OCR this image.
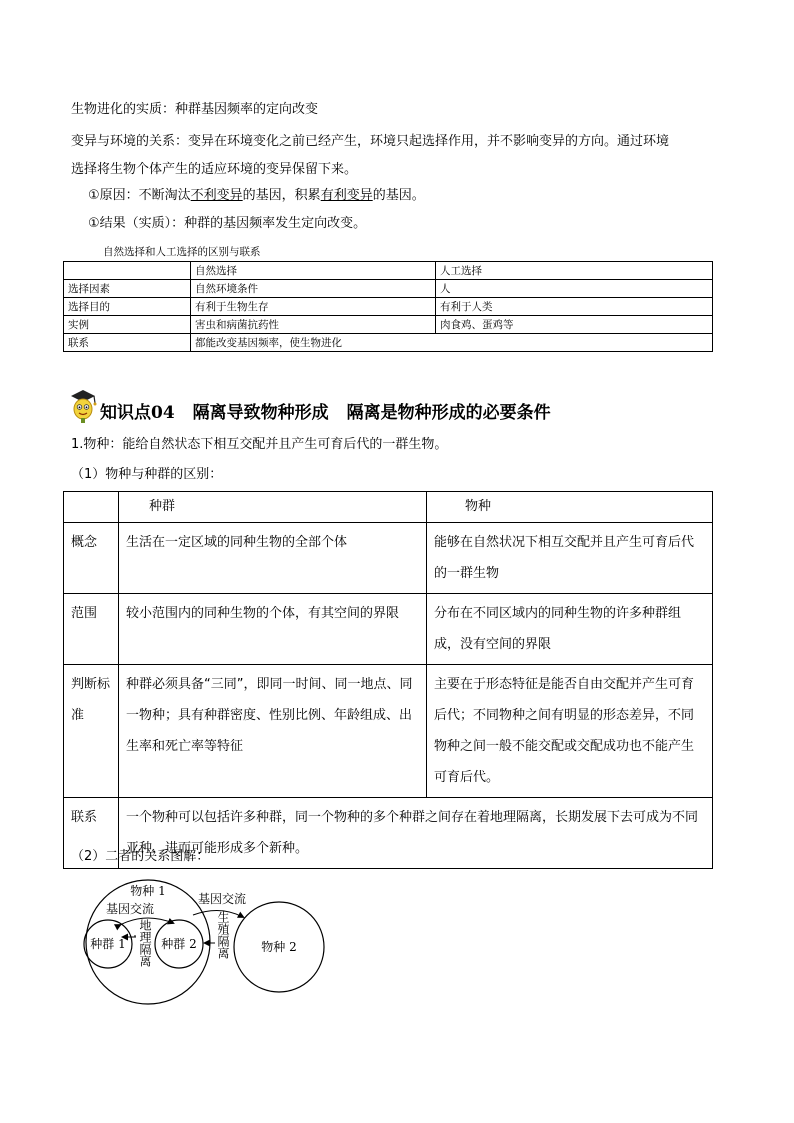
生物进化的实质：种群基因频率的定向改变
变异与环境的关系：变异在环境变化之前已经产生，环境只起选择作用，并不影响变异的方向。通过环境
选择将生物个体产生的适应环境的变异保留下来。
①原因：不断淘汰不利变异的基因，积累有利变异的基因。
①结果（实质）：种群的基因频率发生定向改变。
自然选择和人工选择的区别与联系
	自然选择	人工选择
选择因素	自然环境条件	人
选择目的	有利于生物生存	有利于人类
实例	害虫和病菌抗药性	肉食鸡、蛋鸡等
联系	都能改变基因频率，使生物进化	
知识点04 隔离导致物种形成 隔离是物种形成的必要条件
1.物种：能给自然状态下相互交配并且产生可育后代的一群生物。
（1）物种与种群的区别：
	种群	物种
概念	生活在一定区域的同种生物的全部个体	能够在自然状况下相互交配并且产生可育后代的一群生物
范围	较小范围内的同种生物的个体，有其空间的界限	分布在不同区域内的同种生物的许多种群组成，没有空间的界限
判断标准	种群必须具备“三同”，即同一时间、同一地点、同一物种；具有种群密度、性别比例、年龄组成、出生率和死亡率等特征	主要在于形态特征是能否自由交配并产生可育后代；不同物种之间有明显的形态差异，不同物种之间一般不能交配或交配成功也不能产生可育后代。
联系	一个物种可以包括许多种群，同一个物种的多个种群之间存在着地理隔离，长期发展下去可成为不同亚种，进而可能形成多个新种。	
（2）二者的关系图解：
物种 1
基因交流
种群 1	种群 2
地理隔离
基因交流
生殖隔离	物种 2
